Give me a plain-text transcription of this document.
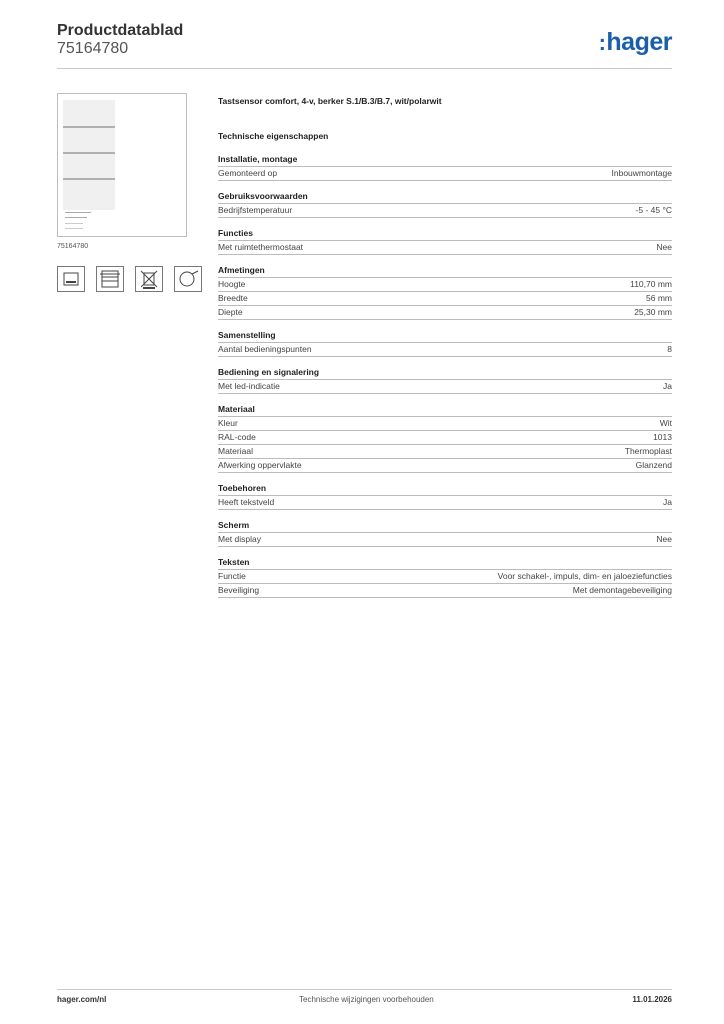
Productdatablad
75164780	:hager
75164780
Tastsensor comfort, 4-v, berker S.1/B.3/B.7, wit/polarwit
Technische eigenschappen
Installatie, montage
Gemonteerd op	Inbouwmontage
Gebruiksvoorwaarden
Bedrijfstemperatuur	-5 - 45 °C
Functies
Met ruimtethermostaat	Nee
Afmetingen
Hoogte	110,70 mm
Breedte	56 mm
Diepte	25,30 mm
Samenstelling
Aantal bedieningspunten	8
Bediening en signalering
Met led-indicatie	Ja
Materiaal
Kleur	Wit
RAL-code	1013
Materiaal	Thermoplast
Afwerking oppervlakte	Glanzend
Toebehoren
Heeft tekstveld	Ja
Scherm
Met display	Nee
Teksten
Functie	Voor schakel-, impuls, dim- en jaloeziefuncties
Beveiliging	Met demontagebeveiliging
hager.com/nl	Technische wijzigingen voorbehouden	11.01.2026
